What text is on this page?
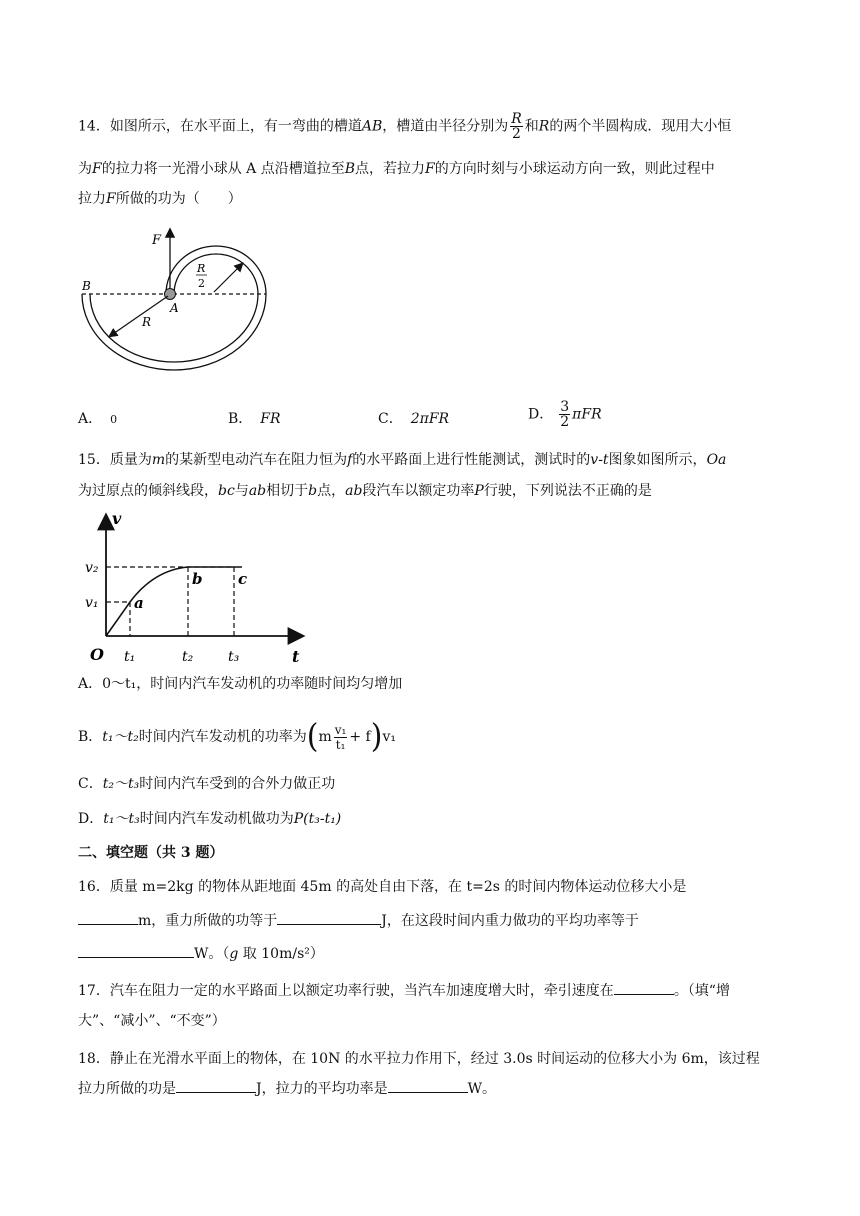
14．如图所示，在水平面上，有一弯曲的槽道AB，槽道由半径分别为 $\frac{R}{2}$ 和R的两个半圆构成．现用大小恒
为F的拉力将一光滑小球从 A 点沿槽道拉至B点，若拉力F的方向时刻与小球运动方向一致，则此过程中
拉力F所做的功为（　　）
F
B
A
R
R
2
A． 0	B． FR	C． 2πFR	D． $\frac{3}{2}$ πFR
15．质量为m的某新型电动汽车在阻力恒为f的水平路面上进行性能测试，测试时的v-t图象如图所示，Oa
为过原点的倾斜线段，bc与ab相切于b点，ab段汽车以额定功率P行驶，下列说法不正确的是
v
t
O
v₁
v₂
t₁	t₂ t₃
a
b c
A．0～t₁，时间内汽车发动机的功率随时间均匀增加
B．t₁～t₂时间内汽车发动机的功率为$(m \frac{\text{v₁}}{\text{t₁}} + f)v_1$
C．t₂～t₃时间内汽车受到的合外力做正功
D．t₁～t₃时间内汽车发动机做功为P(t₃-t₁)
二、填空题（共 3 题）
16．质量 m=2kg 的物体从距地面 45m 的高处自由下落，在 t=2s 的时间内物体运动位移大小是
m，重力所做的功等于	J，在这段时间内重力做功的平均功率等于
W。（g 取 10m/s²）
17．汽车在阻力一定的水平路面上以额定功率行驶，当汽车加速度增大时，牵引速度在	。（填“增
大”、“减小”、“不变”）
18．静止在光滑水平面上的物体，在 10N 的水平拉力作用下，经过 3.0s 时间运动的位移大小为 6m，该过程
拉力所做的功是	J，拉力的平均功率是	W。
